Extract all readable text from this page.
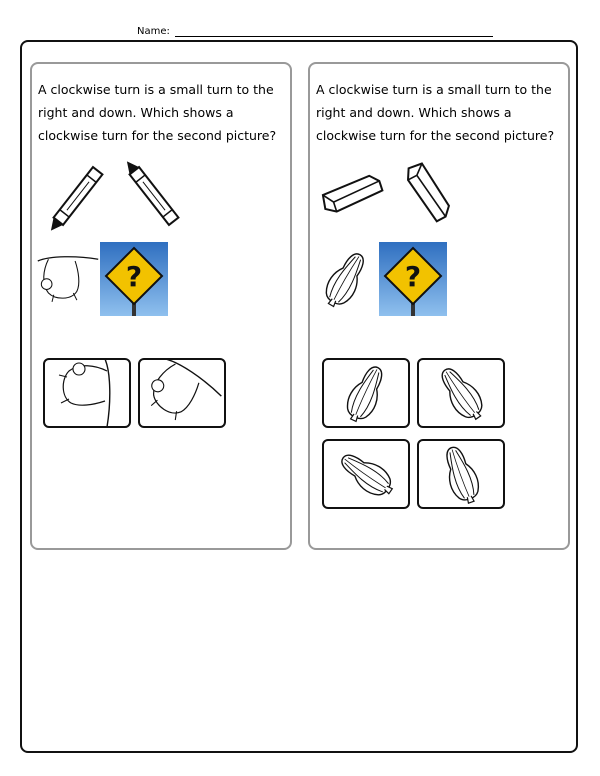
Name:
A clockwise turn is a small turn to the right and down. Which shows a clockwise turn for the second picture?
?
A clockwise turn is a small turn to the right and down. Which shows a clockwise turn for the second picture?
?
